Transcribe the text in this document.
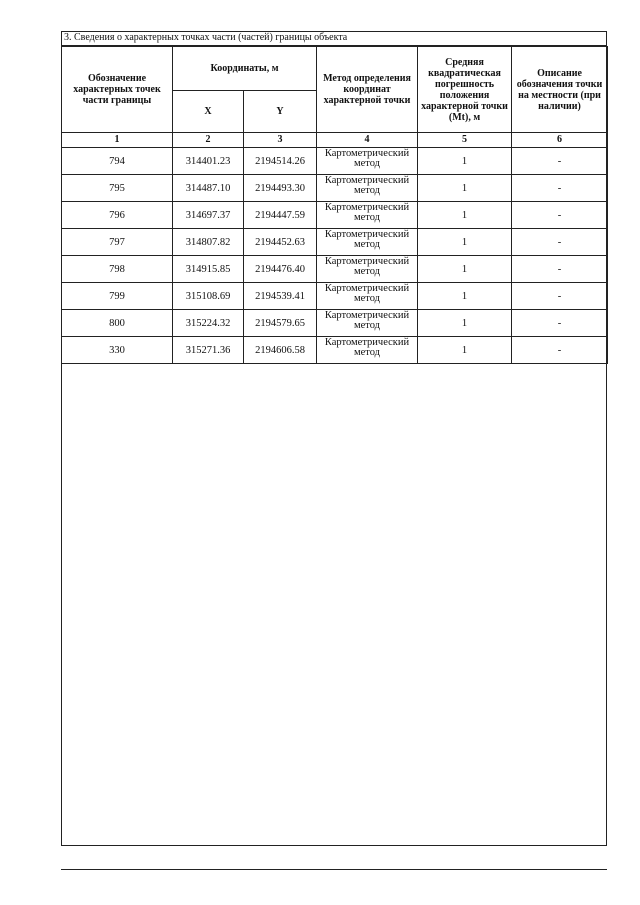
3. Сведения о характерных точках части (частей) границы объекта
Обозначение характерных точек части границы	Координаты, м		Метод определения координат характерной точки	Средняя квадратическая погрешность положения характерной точки (Mt), м	Описание обозначения точки на местности (при наличии)
	X	Y			
1	2	3	4	5	6
794	314401.23	2194514.26	Картометрический метод	1	-
795	314487.10	2194493.30	Картометрический метод	1	-
796	314697.37	2194447.59	Картометрический метод	1	-
797	314807.82	2194452.63	Картометрический метод	1	-
798	314915.85	2194476.40	Картометрический метод	1	-
799	315108.69	2194539.41	Картометрический метод	1	-
800	315224.32	2194579.65	Картометрический метод	1	-
330	315271.36	2194606.58	Картометрический метод	1	-
